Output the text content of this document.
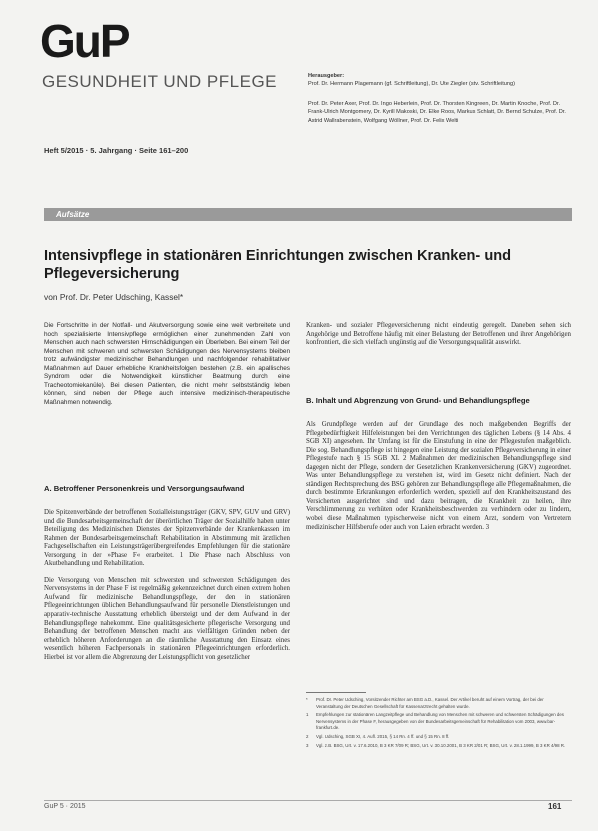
GuP
GESUNDHEIT UND PFLEGE
Heft 5/2015 · 5. Jahrgang · Seite 161–200
Herausgeber:
Prof. Dr. Hermann Plagemann (gf. Schriftleitung), Dr. Ute Ziegler (stv. Schriftleitung)
Prof. Dr. Peter Axer, Prof. Dr. Ingo Heberlein, Prof. Dr. Thorsten Kingreen, Dr. Martin Knoche, Prof. Dr. Frank-Ulrich Montgomery, Dr. Kyrill Makoski, Dr. Elke Roos, Markus Schlatt, Dr. Bernd Schulze, Prof. Dr. Astrid Wallrabenstein, Wolfgang Wöllner, Prof. Dr. Felix Welti
Aufsätze
Intensivpflege in stationären Einrichtungen zwischen Kranken- und Pflegeversicherung
von Prof. Dr. Peter Udsching, Kassel*
Die Fortschritte in der Notfall- und Akutversorgung sowie eine weit verbreitete und hoch spezialisierte Intensivpflege ermöglichen einer zunehmenden Zahl von Menschen auch nach schwersten Hirnschädigungen ein Überleben. Bei einem Teil der Menschen mit schweren und schwersten Schädigungen des Nervensystems bleiben trotz aufwändigster medizinischer Behandlungen und nachfolgender rehabilitativer Maßnahmen auf Dauer erhebliche Krankheitsfolgen bestehen (z.B. ein apallisches Syndrom oder die Notwendigkeit künstlicher Beatmung durch eine Tracheotomiekanüle). Bei diesen Patienten, die nicht mehr selbstständig leben können, sind neben der Pflege auch intensive medizinisch-therapeutische Maßnahmen notwendig.
A. Betroffener Personenkreis und Versorgungsaufwand

Die Spitzenverbände der betroffenen Sozialleistungsträger (GKV, SPV, GUV und GRV) und die Bundesarbeitsgemeinschaft der überörtlichen Träger der Sozialhilfe haben unter Beteiligung des Medizinischen Dienstes der Spitzenverbände der Krankenkassen im Rahmen der Bundesarbeitsgemeinschaft Rehabilitation in Abstimmung mit ärztlichen Fachgesellschaften ein Leistungsträgerübergreifendes Empfehlungen für die stationäre Versorgung in der »Phase F« erarbeitet. 1 Die Phase nach Abschluss von Akutbehandlung und Rehabilitation.

Die Versorgung von Menschen mit schwersten und schwersten Schädigungen des Nervensystems in der Phase F ist regelmäßig gekennzeichnet durch einen extrem hohen Aufwand für medizinische Behandlungspflege, der den in stationären Pflegeeinrichtungen üblichen Behandlungsaufwand für personelle Dienstleistungen und apparativ-technische Ausstattung erheblich übersteigt und der dem Aufwand in der Behandlungspflege nahekommt. Eine qualitätsgesicherte pflegerische Versorgung und Behandlung der betroffenen Menschen macht aus vielfältigen Gründen neben der erheblich höheren Anforderungen an die räumliche Ausstattung den Einsatz eines wesentlich höheren Fachpersonals in stationären Pflegeeinrichtungen erforderlich. Hierbei ist vor allem die Abgrenzung der Leistungspflicht von gesetzlicher

Kranken- und sozialer Pflegeversicherung nicht eindeutig geregelt. Daneben sehen sich Angehörige und Betroffene häufig mit einer Belastung der Betroffenen und ihrer Angehörigen konfrontiert, die sich vielfach ungünstig auf die Versorgungsqualität auswirkt.
B. Inhalt und Abgrenzung von Grund- und Behandlungspflege
Als Grundpflege werden auf der Grundlage des noch maßgebenden Begriffs der Pflegebedürftigkeit Hilfeleistungen bei den Verrichtungen des täglichen Lebens (§ 14 Abs. 4 SGB XI) angesehen. Ihr Umfang ist für die Einstufung in eine der Pflegestufen maßgeblich. Die sog. Behandlungspflege ist hingegen eine Leistung der sozialen Pflegeversicherung in einer Pflegestufe nach § 15 SGB XI. 2 Maßnahmen der medizinischen Behandlungspflege sind dagegen nicht der Pflege, sondern der Gesetzlichen Krankenversicherung (GKV) zugeordnet. Was unter Behandlungspflege zu verstehen ist, wird im Gesetz nicht definiert. Nach der ständigen Rechtsprechung des BSG gehören zur Behandlungspflege alle Pflegemaßnahmen, die durch bestimmte Erkrankungen erforderlich werden, speziell auf den Krankheitszustand des Versicherten ausgerichtet sind und dazu beitragen, die Krankheit zu heilen, ihre Verschlimmerung zu verhüten oder Krankheitsbeschwerden zu verhindern oder zu lindern, wobei diese Maßnahmen typischerweise nicht von einem Arzt, sondern von Vertretern medizinischer Hilfsberufe oder auch von Laien erbracht werden. 3
*	Prof. Dr. Peter Udsching, Vorsitzender Richter am BSG a.D., Kassel. Der Artikel beruht auf einem Vortrag, der bei der Veranstaltung der Deutschen Gesellschaft für Kassenarztrecht gehalten wurde.
1	Empfehlungen zur stationären Langzeitpflege und Behandlung von Menschen mit schweren und schwersten Schädigungen des Nervensystems in der Phase F, herausgegeben von der Bundesarbeitsgemeinschaft für Rehabilitation vom 2003, www.bar-frankfurt.de.
2	Vgl. Udsching, SGB XI, 4. Aufl. 2015, § 14 Rn. 4 ff. und § 15 Rn. 8 ff.
3	Vgl. z.B. BSG, Urt. v. 17.6.2010, B 3 KR 7/09 R; BSG, Urt. v. 30.10.2001, B 3 KR 2/01 R; BSG, Urt. v. 28.1.1999, B 3 KR 4/98 R.
GuP 5 · 2015	161
